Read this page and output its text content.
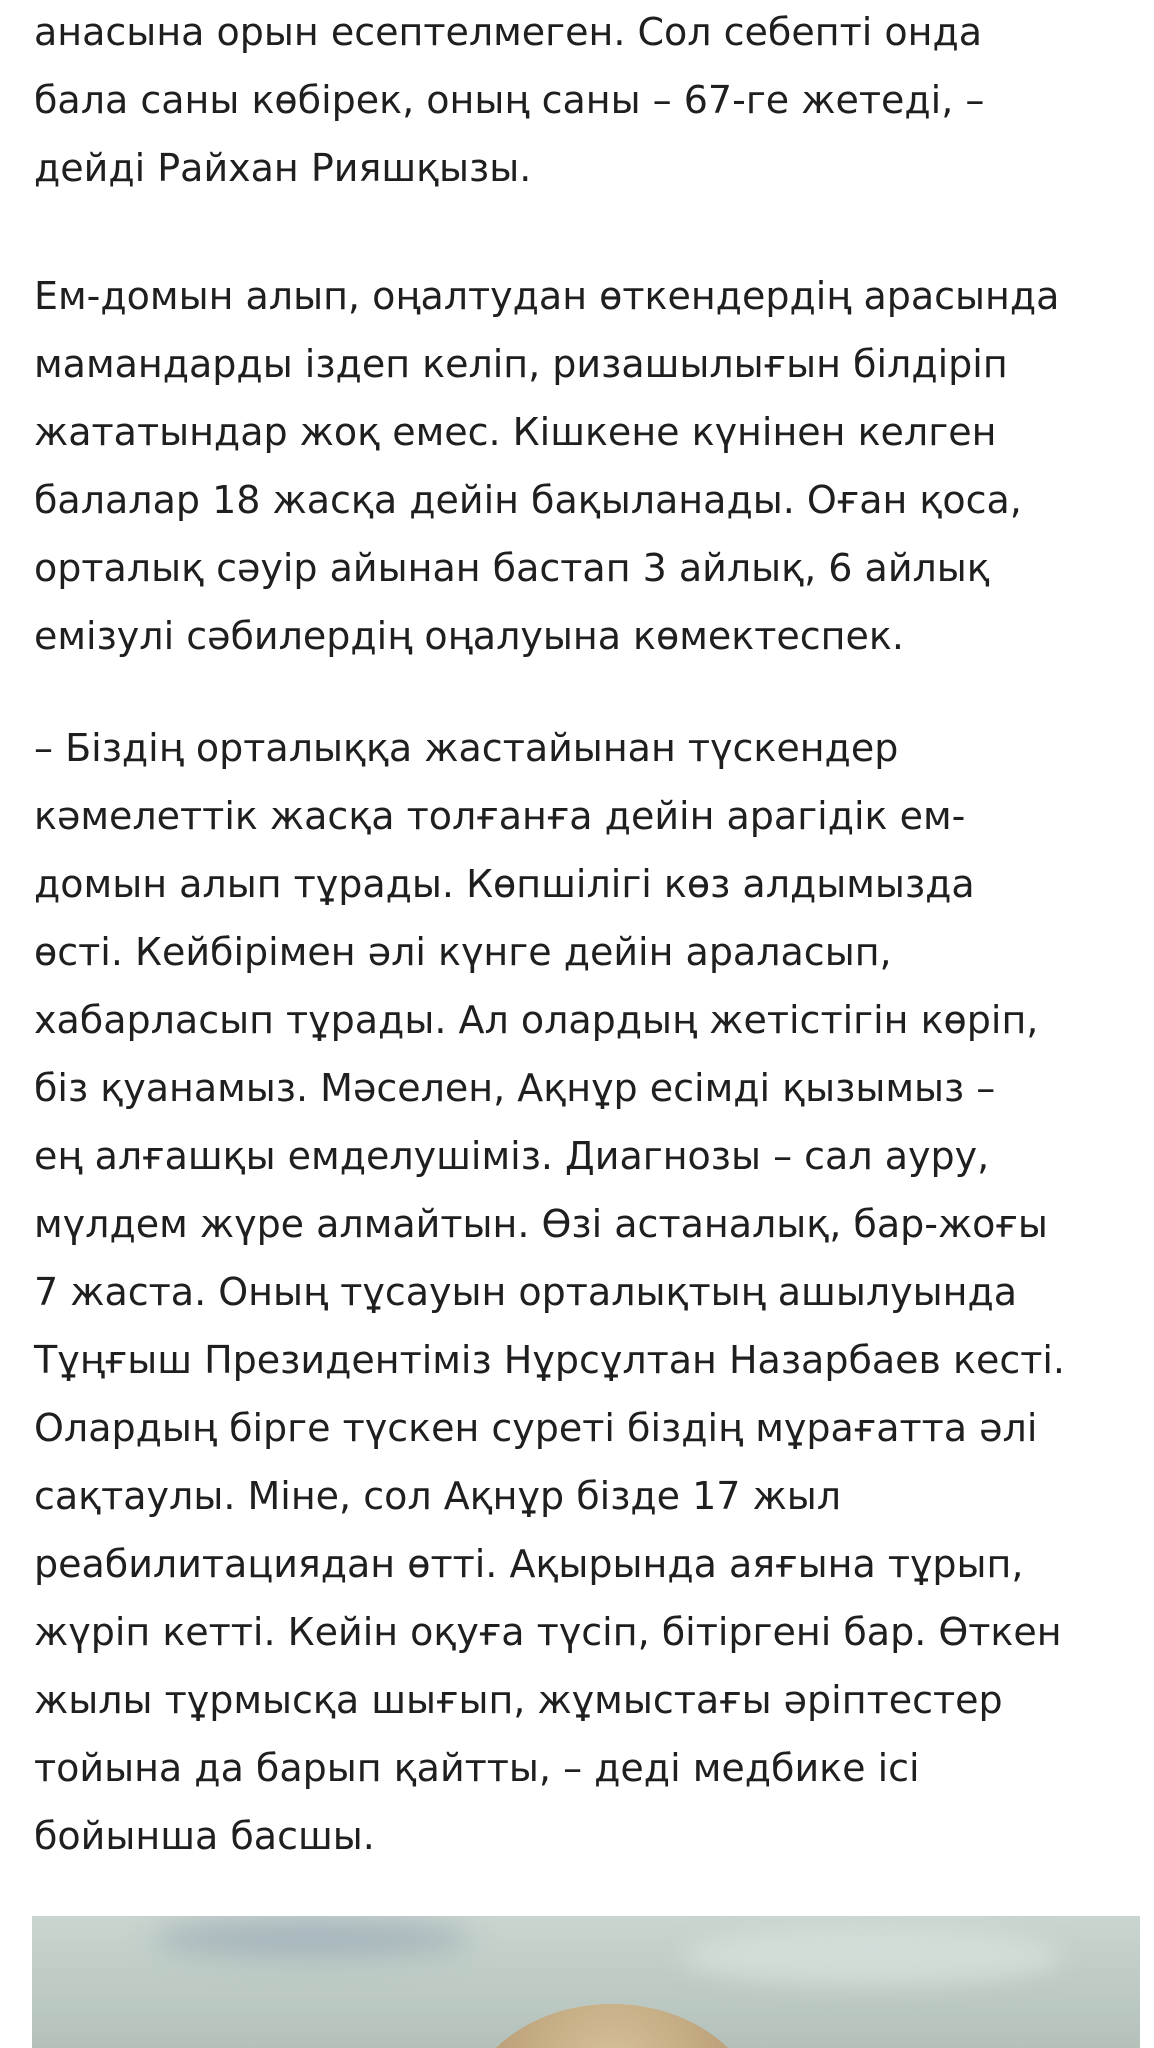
анасына орын есептелмеген. Сол себепті онда
бала саны көбірек, оның саны – 67-ге жетеді, –
дейді Райхан Рияшқызы.

Ем-домын алып, оңалтудан өткендердің арасында
мамандарды іздеп келіп, ризашылығын білдіріп
жататындар жоқ емес. Кішкене күнінен келген
балалар 18 жасқа дейін бақыланады. Оған қоса,
орталық сәуір айынан бастап 3 айлық, 6 айлық
емізулі сәбилердің оңалуына көмектеспек.

– Біздің орталыққа жастайынан түскендер
кәмелеттік жасқа толғанға дейін арагідік ем-
домын алып тұрады. Көпшілігі көз алдымызда
өсті. Кейбірімен әлі күнге дейін араласып,
хабарласып тұрады. Ал олардың жетістігін көріп,
біз қуанамыз. Мәселен, Ақнұр есімді қызымыз –
ең алғашқы емделушіміз. Диагнозы – сал ауру,
мүлдем жүре алмайтын. Өзі астаналық, бар-жоғы
7 жаста. Оның тұсауын орталықтың ашылуында
Тұңғыш Президентіміз Нұрсұлтан Назарбаев кесті.
Олардың бірге түскен суреті біздің мұрағатта әлі
сақтаулы. Міне, сол Ақнұр бізде 17 жыл
реабилитациядан өтті. Ақырында аяғына тұрып,
жүріп кетті. Кейін оқуға түсіп, бітіргені бар. Өткен
жылы тұрмысқа шығып, жұмыстағы әріптестер
тойына да барып қайтты, – деді медбике ісі
бойынша басшы.
